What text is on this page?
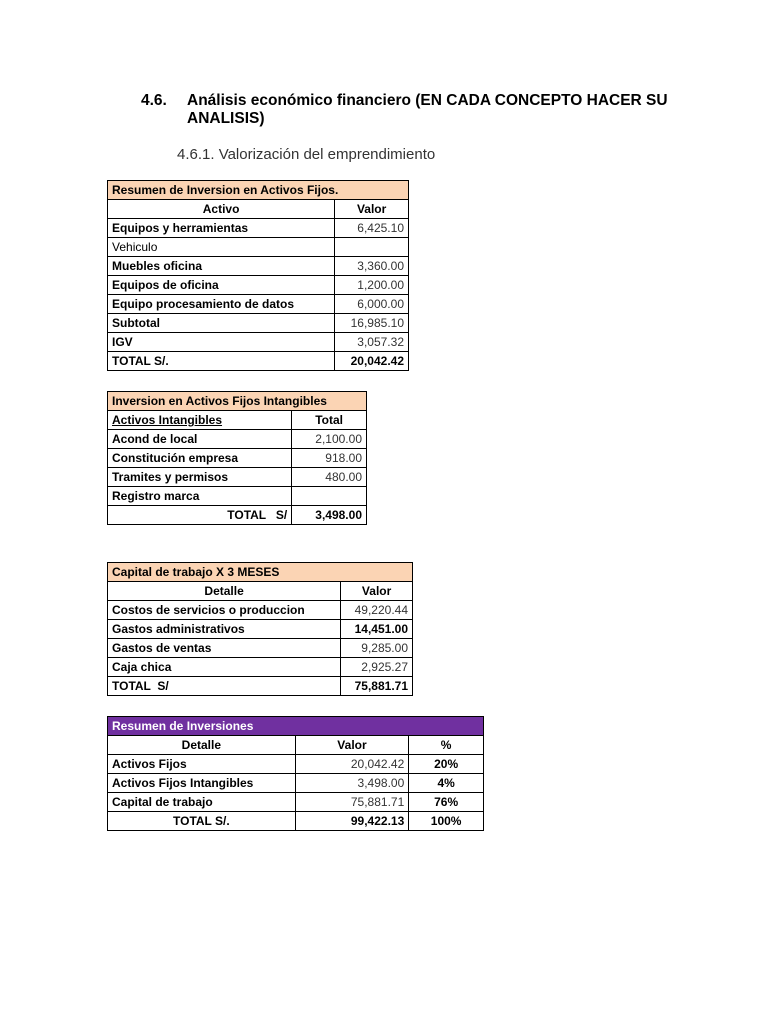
4.6. Análisis económico financiero (EN CADA CONCEPTO HACER SU ANALISIS)
4.6.1. Valorización del emprendimiento
Resumen de Inversion en Activos Fijos.	
Activo	Valor
Equipos y herramientas	6,425.10
Vehiculo	
Muebles oficina	3,360.00
Equipos de oficina	1,200.00
Equipo procesamiento de datos	6,000.00
Subtotal	16,985.10
IGV	3,057.32
TOTAL S/.	20,042.42
Inversion en Activos Fijos Intangibles	
Activos Intangibles	Total
Acond de local	2,100.00
Constitución empresa	918.00
Tramites y permisos	480.00
Registro marca	
TOTAL   S/	3,498.00
Capital de trabajo X 3 MESES	
Detalle	Valor
Costos de servicios o produccion	49,220.44
Gastos administrativos	14,451.00
Gastos de ventas	9,285.00
Caja chica	2,925.27
TOTAL  S/	75,881.71
Resumen de Inversiones		
Detalle	Valor	%
Activos Fijos	20,042.42	20%
Activos Fijos Intangibles	3,498.00	4%
Capital de trabajo	75,881.71	76%
TOTAL S/.	99,422.13	100%
